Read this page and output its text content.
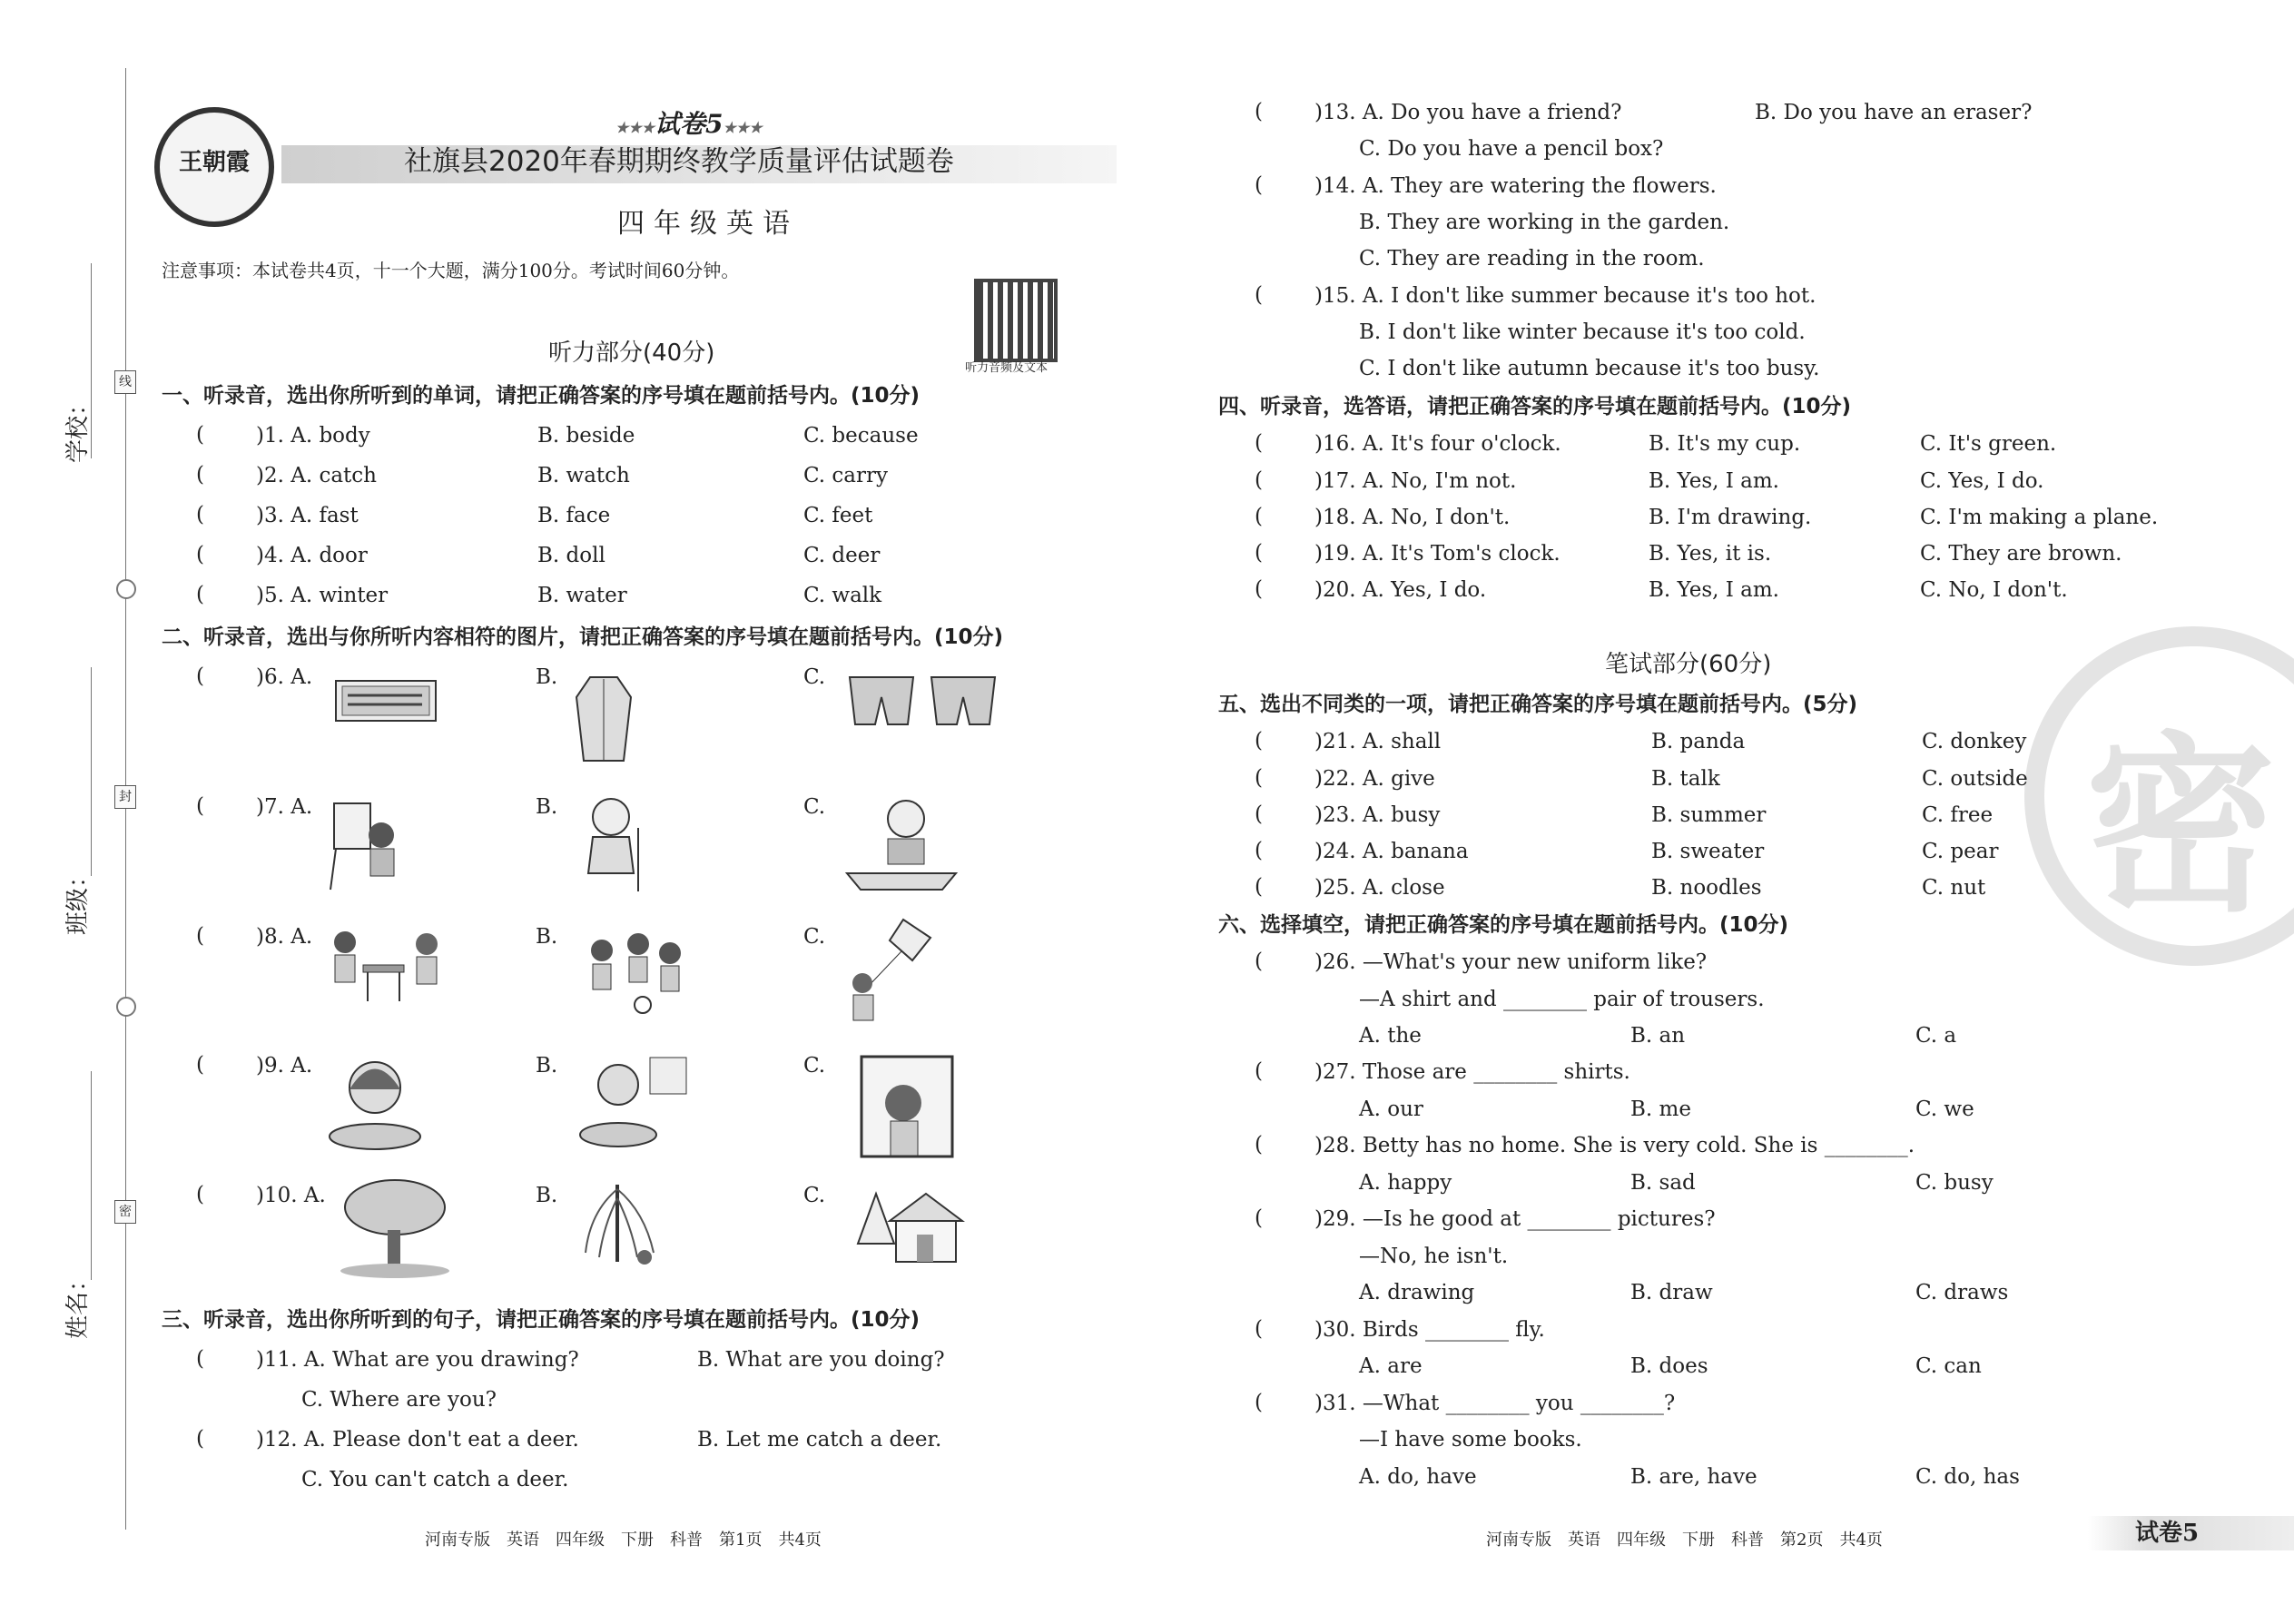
学校：
班级：
姓名：
线
封
密
王朝霞
★★★试卷5★★★
社旗县2020年春期期终教学质量评估试题卷
四年级英语
注意事项：本试卷共4页，十一个大题，满分100分。考试时间60分钟。
听力音频及文本
听力部分(40分)
一、听录音，选出你所听到的单词，请把正确答案的序号填在题前括号内。(10分)
( )1. A. body	B. beside	C. because
( )2. A. catch	B. watch	C. carry
( )3. A. fast	B. face	C. feet
( )4. A. door	B. doll	C. deer
( )5. A. winter	B. water	C. walk
二、听录音，选出与你所听内容相符的图片，请把正确答案的序号填在题前括号内。(10分)
( )6. A.	B.	C.
( )7. A.	B.	C.
( )8. A.	B.	C.
( )9. A.	B.	C.
( )10. A.	B.	C.
三、听录音，选出你所听到的句子，请把正确答案的序号填在题前括号内。(10分)
( )11. A. What are you drawing?	B. What are you doing?
C. Where are you?
( )12. A. Please don't eat a deer.	B. Let me catch a deer.
C. You can't catch a deer.
河南专版　英语　四年级　下册　科普　第1页　共4页
密
( )13. A. Do you have a friend?	B. Do you have an eraser?
C. Do you have a pencil box?
( )14. A. They are watering the flowers.
B. They are working in the garden.
C. They are reading in the room.
( )15. A. I don't like summer because it's too hot.
B. I don't like winter because it's too cold.
C. I don't like autumn because it's too busy.
四、听录音，选答语，请把正确答案的序号填在题前括号内。(10分)
( )16. A. It's four o'clock.	B. It's my cup.	C. It's green.
( )17. A. No, I'm not.	B. Yes, I am.	C. Yes, I do.
( )18. A. No, I don't.	B. I'm drawing.	C. I'm making a plane.
( )19. A. It's Tom's clock.	B. Yes, it is.	C. They are brown.
( )20. A. Yes, I do.	B. Yes, I am.	C. No, I don't.
笔试部分(60分)
五、选出不同类的一项，请把正确答案的序号填在题前括号内。(5分)
( )21. A. shall	B. panda	C. donkey
( )22. A. give	B. talk	C. outside
( )23. A. busy	B. summer	C. free
( )24. A. banana	B. sweater	C. pear
( )25. A. close	B. noodles	C. nut
六、选择填空，请把正确答案的序号填在题前括号内。(10分)
( )26. —What's your new uniform like?
—A shirt and ________ pair of trousers.
A. the	B. an	C. a
( )27. Those are ________ shirts.
A. our	B. me	C. we
( )28. Betty has no home. She is very cold. She is ________.
A. happy	B. sad	C. busy
( )29. —Is he good at ________ pictures?
—No, he isn't.
A. drawing	B. draw	C. draws
( )30. Birds ________ fly.
A. are	B. does	C. can
( )31. —What ________ you ________?
—I have some books.
A. do, have	B. are, have	C. do, has
河南专版　英语　四年级　下册　科普　第2页　共4页	试卷5
